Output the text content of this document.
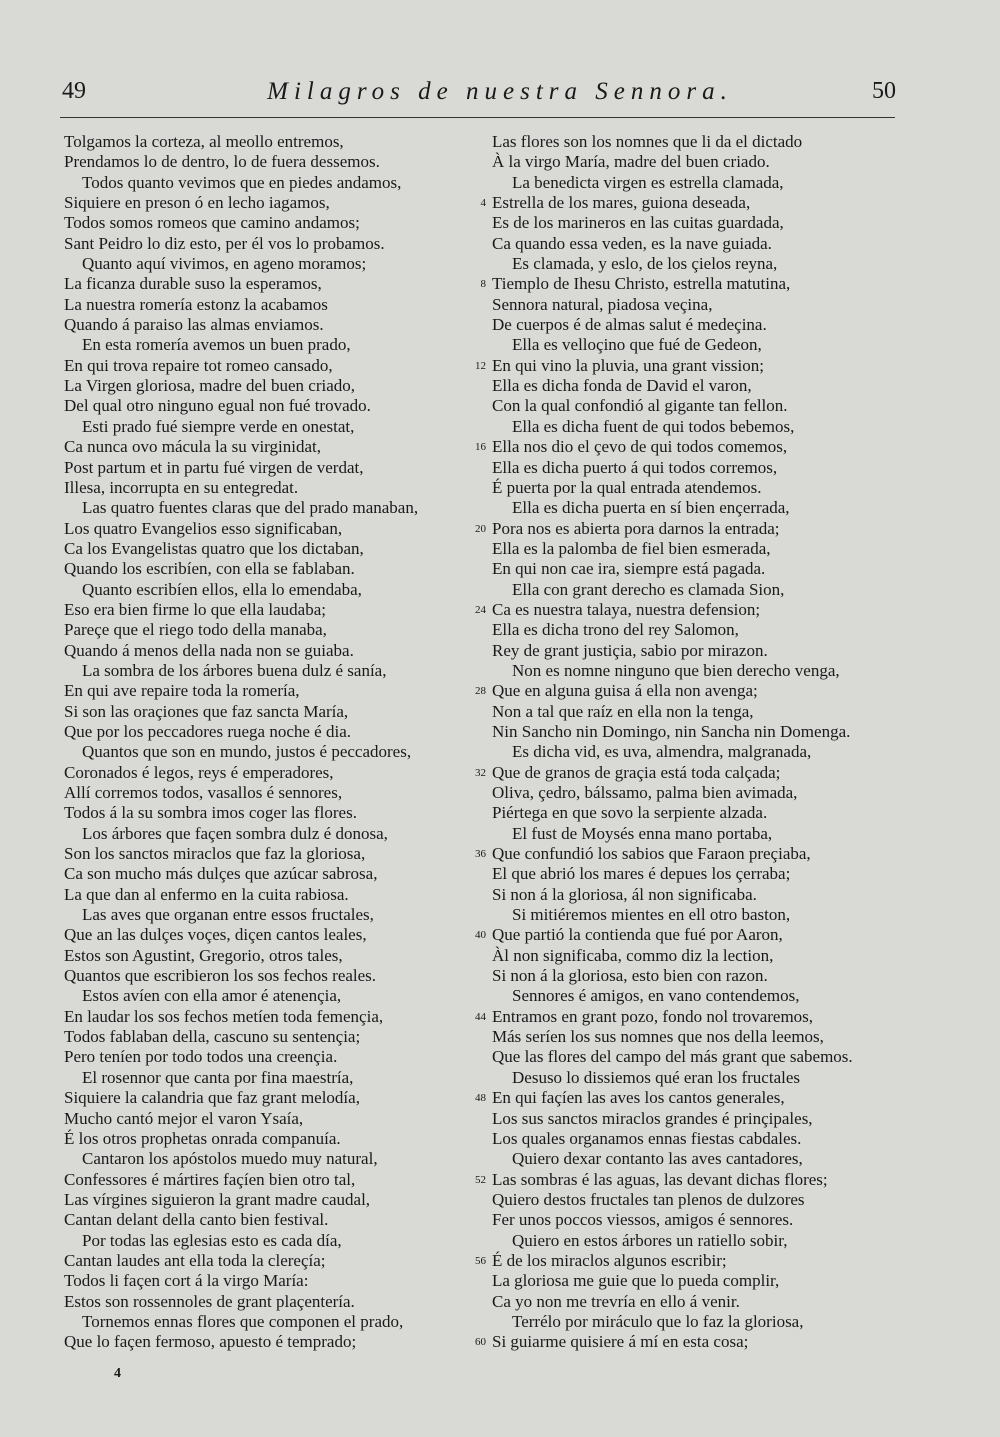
49	Milagros de nuestra Sennora.	50
Tolgamos la corteza, al meollo entremos,
Prendamos lo de dentro, lo de fuera dessemos.
Todos quanto vevimos que en piedes andamos,
Siquiere en preson ó en lecho iagamos,
Todos somos romeos que camino andamos;
Sant Peidro lo diz esto, per él vos lo probamos.
Quanto aquí vivimos, en ageno moramos;
La ficanza durable suso la esperamos,
La nuestra romería estonz la acabamos
Quando á paraiso las almas enviamos.
En esta romería avemos un buen prado,
En qui trova repaire tot romeo cansado,
La Virgen gloriosa, madre del buen criado,
Del qual otro ninguno egual non fué trovado.
Esti prado fué siempre verde en onestat,
Ca nunca ovo mácula la su virginidat,
Post partum et in partu fué virgen de verdat,
Illesa, incorrupta en su entegredat.
Las quatro fuentes claras que del prado manaban,
Los quatro Evangelios esso significaban,
Ca los Evangelistas quatro que los dictaban,
Quando los escribíen, con ella se fablaban.
Quanto escribíen ellos, ella lo emendaba,
Eso era bien firme lo que ella laudaba;
Pareçe que el riego todo della manaba,
Quando á menos della nada non se guiaba.
La sombra de los árbores buena dulz é sanía,
En qui ave repaire toda la romería,
Si son las oraçiones que faz sancta María,
Que por los peccadores ruega noche é dia.
Quantos que son en mundo, justos é peccadores,
Coronados é legos, reys é emperadores,
Allí corremos todos, vasallos é sennores,
Todos á la su sombra imos coger las flores.
Los árbores que façen sombra dulz é donosa,
Son los sanctos miraclos que faz la gloriosa,
Ca son mucho más dulçes que azúcar sabrosa,
La que dan al enfermo en la cuita rabiosa.
Las aves que organan entre essos fructales,
Que an las dulçes voçes, diçen cantos leales,
Estos son Agustint, Gregorio, otros tales,
Quantos que escribieron los sos fechos reales.
Estos avíen con ella amor é atenençia,
En laudar los sos fechos metíen toda femençia,
Todos fablaban della, cascuno su sentençia;
Pero teníen por todo todos una creençia.
El rosennor que canta por fina maestría,
Siquiere la calandria que faz grant melodía,
Mucho cantó mejor el varon Ysaía,
É los otros prophetas onrada companuía.
Cantaron los apóstolos muedo muy natural,
Confessores é mártires façíen bien otro tal,
Las vírgines siguieron la grant madre caudal,
Cantan delant della canto bien festival.
Por todas las eglesias esto es cada día,
Cantan laudes ant ella toda la clereçía;
Todos li façen cort á la virgo María:
Estos son rossennoles de grant plaçentería.
Tornemos ennas flores que componen el prado,
Que lo façen fermoso, apuesto é temprado;
Las flores son los nomnes que li da el dictado
À la virgo María, madre del buen criado.
La benedicta virgen es estrella clamada,
4 Estrella de los mares, guiona deseada,
Es de los marineros en las cuitas guardada,
Ca quando essa veden, es la nave guiada.
Es clamada, y eslo, de los çielos reyna,
8 Tiemplo de Ihesu Christo, estrella matutina,
Sennora natural, piadosa veçina,
De cuerpos é de almas salut é medeçina.
Ella es velloçino que fué de Gedeon,
12 En qui vino la pluvia, una grant vission;
Ella es dicha fonda de David el varon,
Con la qual confondió al gigante tan fellon.
Ella es dicha fuent de qui todos bebemos,
16 Ella nos dio el çevo de qui todos comemos,
Ella es dicha puerto á qui todos corremos,
É puerta por la qual entrada atendemos.
Ella es dicha puerta en sí bien ençerrada,
20 Pora nos es abierta pora darnos la entrada;
Ella es la palomba de fiel bien esmerada,
En qui non cae ira, siempre está pagada.
Ella con grant derecho es clamada Sion,
24 Ca es nuestra talaya, nuestra defension;
Ella es dicha trono del rey Salomon,
Rey de grant justiçia, sabio por mirazon.
Non es nomne ninguno que bien derecho venga,
28 Que en alguna guisa á ella non avenga;
Non a tal que raíz en ella non la tenga,
Nin Sancho nin Domingo, nin Sancha nin Domenga.
Es dicha vid, es uva, almendra, malgranada,
32 Que de granos de graçia está toda calçada;
Oliva, çedro, bálssamo, palma bien avimada,
Piértega en que sovo la serpiente alzada.
El fust de Moysés enna mano portaba,
36 Que confundió los sabios que Faraon preçiaba,
El que abrió los mares é depues los çerraba;
Si non á la gloriosa, ál non significaba.
Si mitiéremos mientes en ell otro baston,
40 Que partió la contienda que fué por Aaron,
Àl non significaba, commo diz la lection,
Si non á la gloriosa, esto bien con razon.
Sennores é amigos, en vano contendemos,
44 Entramos en grant pozo, fondo nol trovaremos,
Más seríen los sus nomnes que nos della leemos,
Que las flores del campo del más grant que sabemos.
Desuso lo dissiemos qué eran los fructales
48 En qui façíen las aves los cantos generales,
Los sus sanctos miraclos grandes é prinçipales,
Los quales organamos ennas fiestas cabdales.
Quiero dexar contanto las aves cantadores,
52 Las sombras é las aguas, las devant dichas flores;
Quiero destos fructales tan plenos de dulzores
Fer unos poccos viessos, amigos é sennores.
Quiero en estos árbores un ratiello sobir,
56 É de los miraclos algunos escribir;
La gloriosa me guie que lo pueda complir,
Ca yo non me trevría en ello á venir.
Terrélo por miráculo que lo faz la gloriosa,
60 Si guiarme quisiere á mí en esta cosa;
4
